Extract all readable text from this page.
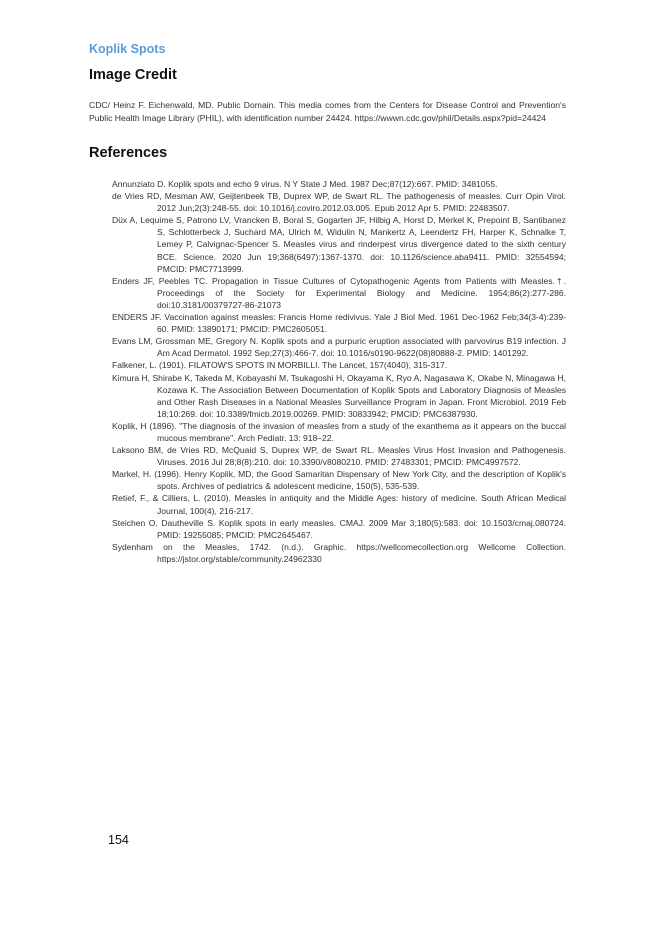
Koplik Spots

Image Credit

CDC/ Heinz F. Eichenwald, MD. Public Domain. This media comes from the Centers for Disease Control and Prevention's Public Health Image Library (PHIL), with identification number 24424. https://wwwn.cdc.gov/phil/Details.aspx?pid=24424

References
Annunziato D. Koplik spots and echo 9 virus. N Y State J Med. 1987 Dec;87(12):667. PMID: 3481055.
de Vries RD, Mesman AW, Geijtenbeek TB, Duprex WP, de Swart RL. The pathogenesis of measles. Curr Opin Virol. 2012 Jun;2(3):248-55. doi: 10.1016/j.coviro.2012.03.005. Epub 2012 Apr 5. PMID: 22483507.
Düx A, Lequime S, Patrono LV, Vrancken B, Boral S, Gogarten JF, Hilbig A, Horst D, Merkel K, Prepoint B, Santibanez S, Schlotterbeck J, Suchard MA, Ulrich M, Widulin N, Mankertz A, Leendertz FH, Harper K, Schnalke T, Lemey P, Calvignac-Spencer S. Measles virus and rinderpest virus divergence dated to the sixth century BCE. Science. 2020 Jun 19;368(6497):1367-1370. doi: 10.1126/science.aba9411. PMID: 32554594; PMCID: PMC7713999.
Enders JF, Peebles TC. Propagation in Tissue Cultures of Cytopathogenic Agents from Patients with Measles.†. Proceedings of the Society for Experimental Biology and Medicine. 1954;86(2):277-286. doi:10.3181/00379727-86-21073
ENDERS JF. Vaccination against measles: Francis Home redivivus. Yale J Biol Med. 1961 Dec-1962 Feb;34(3-4):239-60. PMID: 13890171; PMCID: PMC2605051.
Evans LM, Grossman ME, Gregory N. Koplik spots and a purpuric eruption associated with parvovirus B19 infection. J Am Acad Dermatol. 1992 Sep;27(3):466-7. doi: 10.1016/s0190-9622(08)80888-2. PMID: 1401292.
Falkener, L. (1901). FILATOW'S SPOTS IN MORBILLI. The Lancet, 157(4040), 315-317.
Kimura H, Shirabe K, Takeda M, Kobayashi M, Tsukagoshi H, Okayama K, Ryo A, Nagasawa K, Okabe N, Minagawa H, Kozawa K. The Association Between Documentation of Koplik Spots and Laboratory Diagnosis of Measles and Other Rash Diseases in a National Measles Surveillance Program in Japan. Front Microbiol. 2019 Feb 18;10:269. doi: 10.3389/fmicb.2019.00269. PMID: 30833942; PMCID: PMC6387930.
Koplik, H (1896). "The diagnosis of the invasion of measles from a study of the exanthema as it appears on the buccal mucous membrane". Arch Pediatr. 13: 918–22.
Laksono BM, de Vries RD, McQuaid S, Duprex WP, de Swart RL. Measles Virus Host Invasion and Pathogenesis. Viruses. 2016 Jul 28;8(8):210. doi: 10.3390/v8080210. PMID: 27483301; PMCID: PMC4997572.
Markel, H. (1996). Henry Koplik, MD, the Good Samaritan Dispensary of New York City, and the description of Koplik's spots. Archives of pediatrics & adolescent medicine, 150(5), 535-539.
Retief, F., & Cilliers, L. (2010). Measles in antiquity and the Middle Ages: history of medicine. South African Medical Journal, 100(4), 216-217.
Steichen O, Dautheville S. Koplik spots in early measles. CMAJ. 2009 Mar 3;180(5):583. doi: 10.1503/cmaj.080724. PMID: 19255085; PMCID: PMC2645467.
Sydenham on the Measles, 1742. (n.d.). Graphic. https://wellcomecollection.org Wellcome Collection. https://jstor.org/stable/community.24962330

154
